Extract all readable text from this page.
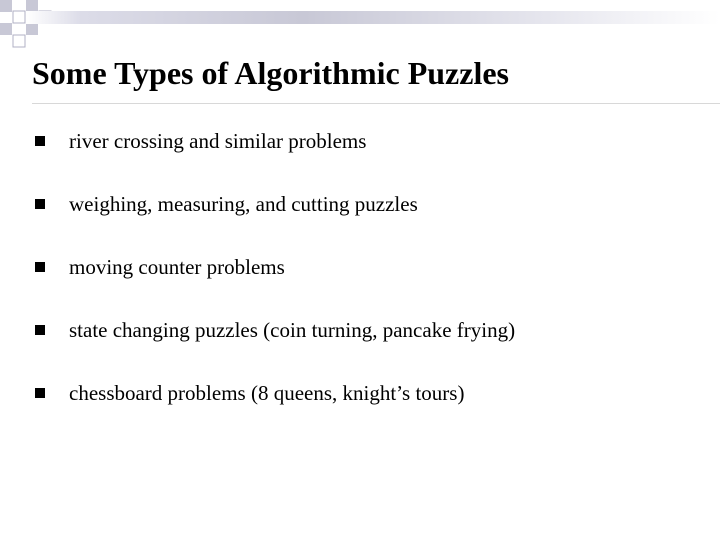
Some Types of Algorithmic Puzzles
river crossing and similar problems
weighing, measuring, and cutting puzzles
moving counter problems
state changing puzzles (coin turning, pancake frying)
chessboard problems (8 queens, knight’s tours)
